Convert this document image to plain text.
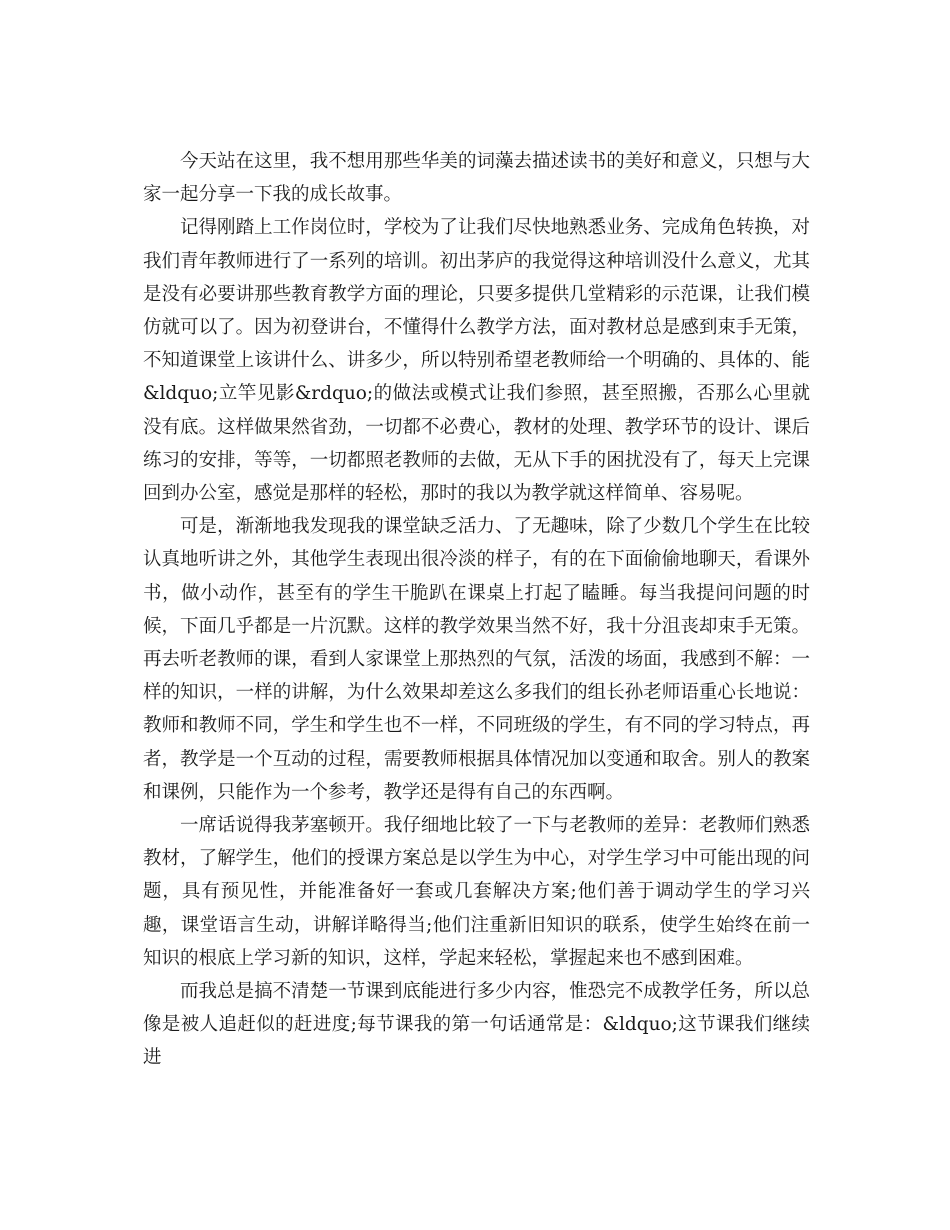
今天站在这里，我不想用那些华美的词藻去描述读书的美好和意义，只想与大家一起分享一下我的成长故事。

记得刚踏上工作岗位时，学校为了让我们尽快地熟悉业务、完成角色转换，对我们青年教师进行了一系列的培训。初出茅庐的我觉得这种培训没什么意义，尤其是没有必要讲那些教育教学方面的理论，只要多提供几堂精彩的示范课，让我们模仿就可以了。因为初登讲台，不懂得什么教学方法，面对教材总是感到束手无策，不知道课堂上该讲什么、讲多少，所以特别希望老教师给一个明确的、具体的、能&ldquo;立竿见影&rdquo;的做法或模式让我们参照，甚至照搬，否那么心里就没有底。这样做果然省劲，一切都不必费心，教材的处理、教学环节的设计、课后练习的安排，等等，一切都照老教师的去做，无从下手的困扰没有了，每天上完课回到办公室，感觉是那样的轻松，那时的我以为教学就这样简单、容易呢。

可是，渐渐地我发现我的课堂缺乏活力、了无趣味，除了少数几个学生在比较认真地听讲之外，其他学生表现出很冷淡的样子，有的在下面偷偷地聊天，看课外书，做小动作，甚至有的学生干脆趴在课桌上打起了瞌睡。每当我提问问题的时候，下面几乎都是一片沉默。这样的教学效果当然不好，我十分沮丧却束手无策。再去听老教师的课，看到人家课堂上那热烈的气氛，活泼的场面，我感到不解：一样的知识，一样的讲解，为什么效果却差这么多我们的组长孙老师语重心长地说：教师和教师不同，学生和学生也不一样，不同班级的学生，有不同的学习特点，再者，教学是一个互动的过程，需要教师根据具体情况加以变通和取舍。别人的教案和课例，只能作为一个参考，教学还是得有自己的东西啊。

一席话说得我茅塞顿开。我仔细地比较了一下与老教师的差异：老教师们熟悉教材，了解学生，他们的授课方案总是以学生为中心，对学生学习中可能出现的问题，具有预见性，并能准备好一套或几套解决方案;他们善于调动学生的学习兴趣，课堂语言生动，讲解详略得当;他们注重新旧知识的联系，使学生始终在前一知识的根底上学习新的知识，这样，学起来轻松，掌握起来也不感到困难。

而我总是搞不清楚一节课到底能进行多少内容，惟恐完不成教学任务，所以总像是被人追赶似的赶进度;每节课我的第一句话通常是：&ldquo;这节课我们继续进
